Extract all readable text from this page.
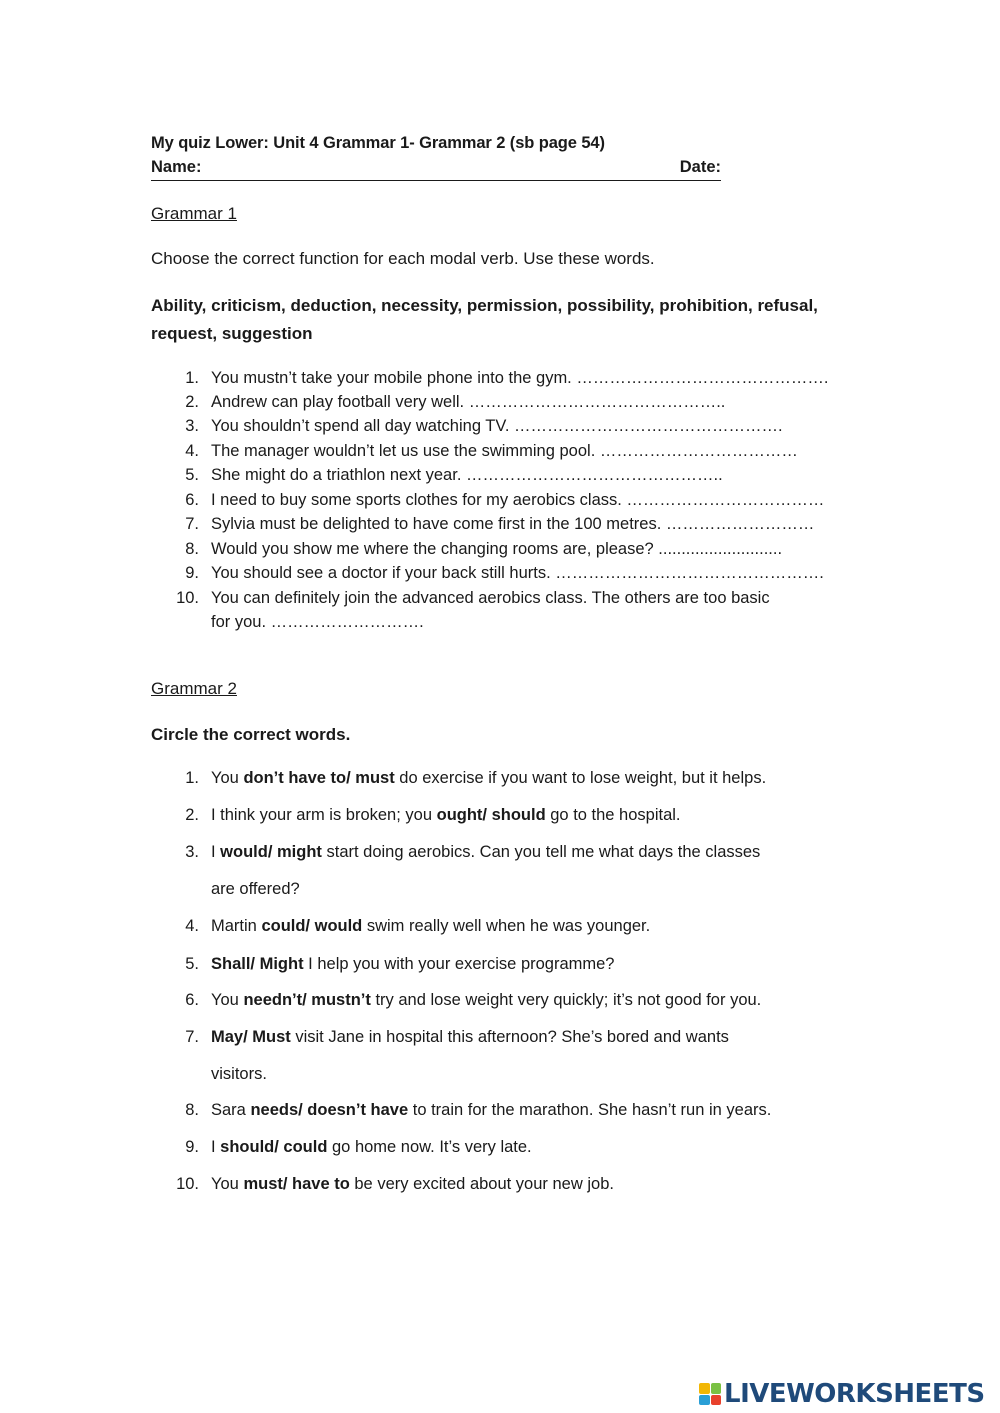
My quiz Lower: Unit 4 Grammar 1- Grammar 2 (sb page 54)
Name:	Date:
Grammar 1
Choose the correct function for each modal verb. Use these words.
Ability, criticism, deduction, necessity, permission, possibility, prohibition, refusal, request, suggestion
1. You mustn’t take your mobile phone into the gym. ……………………………………….
2. Andrew can play football very well. ………………………………………..
3. You shouldn’t spend all day watching TV. ………………………………………….
4. The manager wouldn’t let us use the swimming pool. ………………………………
5. She might do a triathlon next year. ………………………………………..
6. I need to buy some sports clothes for my aerobics class. ………………………………
7. Sylvia must be delighted to have come first in the 100 metres. ………………………
8. Would you show me where the changing rooms are, please? ...........................
9. You should see a doctor if your back still hurts. ………………………………………….
10. You can definitely join the advanced aerobics class. The others are too basic
for you. ……………………….
Grammar 2
Circle the correct words.
1. You don’t have to/ must do exercise if you want to lose weight, but it helps.
2. I think your arm is broken; you ought/ should go to the hospital.
3. I would/ might start doing aerobics. Can you tell me what days the classes
are offered?
4. Martin could/ would swim really well when he was younger.
5. Shall/ Might I help you with your exercise programme?
6. You needn’t/ mustn’t try and lose weight very quickly; it’s not good for you.
7. May/ Must visit Jane in hospital this afternoon? She’s bored and wants
visitors.
8. Sara needs/ doesn’t have to train for the marathon. She hasn’t run in years.
9. I should/ could go home now. It’s very late.
10. You must/ have to be very excited about your new job.
LIVEWORKSHEETS
